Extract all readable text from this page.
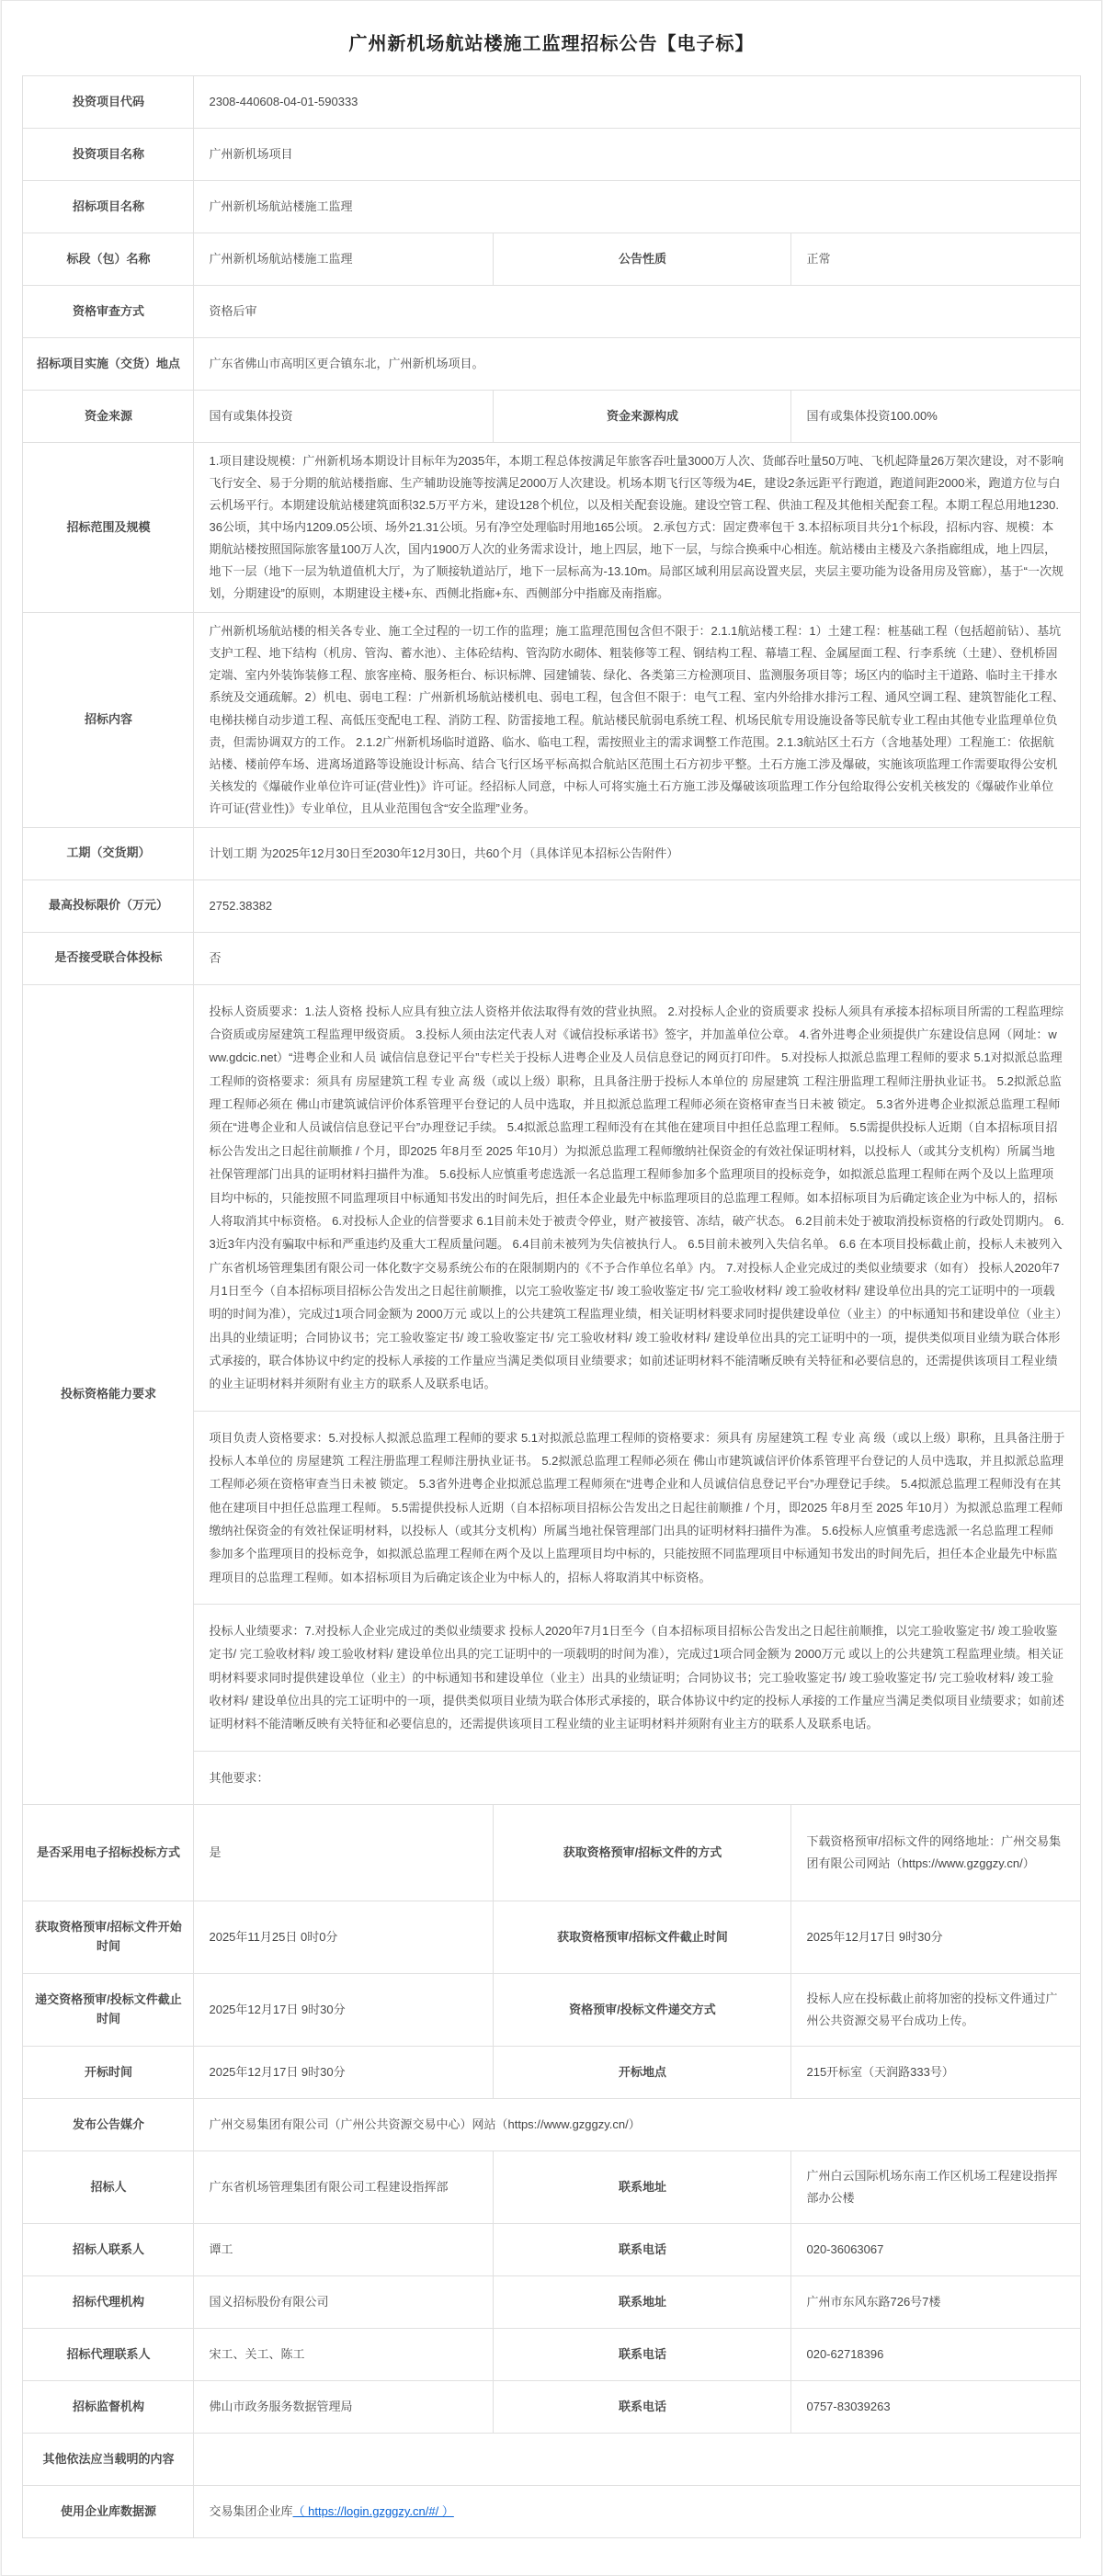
广州新机场航站楼施工监理招标公告【电子标】
投资项目代码	2308-440608-04-01-590333		
投资项目名称	广州新机场项目		
招标项目名称	广州新机场航站楼施工监理		
标段（包）名称	广州新机场航站楼施工监理	公告性质	正常
资格审查方式	资格后审		
招标项目实施（交货）地点	广东省佛山市高明区更合镇东北，广州新机场项目。		
资金来源	国有或集体投资	资金来源构成	国有或集体投资100.00%
招标范围及规模	1.项目建设规模：广州新机场本期设计目标年为2035年，本期工程总体按满足年旅客吞吐量3000万人次、货邮吞吐量50万吨、飞机起降量26万架次建设，对不影响飞行安全、易于分期的航站楼指廊、生产辅助设施等按满足2000万人次建设。机场本期飞行区等级为4E，建设2条远距平行跑道，跑道间距2000米，跑道方位与白云机场平行。本期建设航站楼建筑面积32.5万平方米，建设128个机位，以及相关配套设施。建设空管工程、供油工程及其他相关配套工程。本期工程总用地1230.36公顷，其中场内1209.05公顷、场外21.31公顷。另有净空处理临时用地165公顷。 2.承包方式：固定费率包干 3.本招标项目共分1个标段，招标内容、规模：本期航站楼按照国际旅客量100万人次，国内1900万人次的业务需求设计，地上四层，地下一层，与综合换乘中心相连。航站楼由主楼及六条指廊组成，地上四层，地下一层（地下一层为轨道值机大厅，为了顺接轨道站厅，地下一层标高为-13.10m。局部区域利用层高设置夹层，夹层主要功能为设备用房及管廊），基于“一次规划，分期建设”的原则，本期建设主楼+东、西侧北指廊+东、西侧部分中指廊及南指廊。		
招标内容	广州新机场航站楼的相关各专业、施工全过程的一切工作的监理；施工监理范围包含但不限于：2.1.1航站楼工程：1）土建工程：桩基础工程（包括超前钻）、基坑支护工程、地下结构（机房、管沟、蓄水池）、主体砼结构、管沟防水砌体、粗装修等工程、钢结构工程、幕墙工程、金属屋面工程、行李系统（土建）、登机桥固定端、室内外装饰装修工程、旅客座椅、服务柜台、标识标牌、园建铺装、绿化、各类第三方检测项目、监测服务项目等；场区内的临时主干道路、临时主干排水系统及交通疏解。2）机电、弱电工程：广州新机场航站楼机电、弱电工程，包含但不限于：电气工程、室内外给排水排污工程、通风空调工程、建筑智能化工程、电梯扶梯自动步道工程、高低压变配电工程、消防工程、防雷接地工程。航站楼民航弱电系统工程、机场民航专用设施设备等民航专业工程由其他专业监理单位负责，但需协调双方的工作。 2.1.2广州新机场临时道路、临水、临电工程，需按照业主的需求调整工作范围。2.1.3航站区土石方（含地基处理）工程施工：依据航站楼、楼前停车场、进离场道路等设施设计标高、结合飞行区场平标高拟合航站区范围土石方初步平整。土石方施工涉及爆破，实施该项监理工作需要取得公安机关核发的《爆破作业单位许可证(营业性)》许可证。经招标人同意，中标人可将实施土石方施工涉及爆破该项监理工作分包给取得公安机关核发的《爆破作业单位许可证(营业性)》专业单位，且从业范围包含“安全监理”业务。		
工期（交货期）	计划工期 为2025年12月30日至2030年12月30日，共60个月（具体详见本招标公告附件）		
最高投标限价（万元）	2752.38382		
是否接受联合体投标	否		
投标资格能力要求	投标人资质要求：1.法人资格 投标人应具有独立法人资格并依法取得有效的营业执照。 2.对投标人企业的资质要求 投标人须具有承接本招标项目所需的工程监理综合资质或房屋建筑工程监理甲级资质。 3.投标人须由法定代表人对《诚信投标承诺书》签字，并加盖单位公章。 4.省外进粤企业须提供广东建设信息网（网址：www.gdcic.net）“进粤企业和人员 诚信信息登记平台”专栏关于投标人进粤企业及人员信息登记的网页打印件。 5.对投标人拟派总监理工程师的要求 5.1对拟派总监理工程师的资格要求：须具有 房屋建筑工程 专业 高 级（或以上级）职称，且具备注册于投标人本单位的 房屋建筑 工程注册监理工程师注册执业证书。 5.2拟派总监理工程师必须在 佛山市建筑诚信评价体系管理平台登记的人员中选取，并且拟派总监理工程师必须在资格审查当日未被 锁定。 5.3省外进粤企业拟派总监理工程师须在“进粤企业和人员诚信信息登记平台”办理登记手续。 5.4拟派总监理工程师没有在其他在建项目中担任总监理工程师。 5.5需提供投标人近期（自本招标项目招标公告发出之日起往前顺推 / 个月，即2025 年8月至 2025 年10月）为拟派总监理工程师缴纳社保资金的有效社保证明材料，以投标人（或其分支机构）所属当地社保管理部门出具的证明材料扫描件为准。 5.6投标人应慎重考虑选派一名总监理工程师参加多个监理项目的投标竞争，如拟派总监理工程师在两个及以上监理项目均中标的，只能按照不同监理项目中标通知书发出的时间先后，担任本企业最先中标监理项目的总监理工程师。如本招标项目为后确定该企业为中标人的，招标人将取消其中标资格。 6.对投标人企业的信誉要求 6.1目前未处于被责令停业，财产被接管、冻结，破产状态。 6.2目前未处于被取消投标资格的行政处罚期内。 6.3近3年内没有骗取中标和严重违约及重大工程质量问题。 6.4目前未被列为失信被执行人。 6.5目前未被列入失信名单。 6.6 在本项目投标截止前，投标人未被列入广东省机场管理集团有限公司一体化数字交易系统公布的在限制期内的《不予合作单位名单》内。 7.对投标人企业完成过的类似业绩要求（如有） 投标人2020年7月1日至今（自本招标项目招标公告发出之日起往前顺推，以完工验收鉴定书/ 竣工验收鉴定书/ 完工验收材料/ 竣工验收材料/ 建设单位出具的完工证明中的一项载明的时间为准），完成过1项合同金额为 2000万元 或以上的公共建筑工程监理业绩，相关证明材料要求同时提供建设单位（业主）的中标通知书和建设单位（业主）出具的业绩证明；合同协议书；完工验收鉴定书/ 竣工验收鉴定书/ 完工验收材料/ 竣工验收材料/ 建设单位出具的完工证明中的一项，提供类似项目业绩为联合体形式承接的，联合体协议中约定的投标人承接的工作量应当满足类似项目业绩要求；如前述证明材料不能清晰反映有关特征和必要信息的，还需提供该项目工程业绩的业主证明材料并须附有业主方的联系人及联系电话。
项目负责人资格要求：5.对投标人拟派总监理工程师的要求 5.1对拟派总监理工程师的资格要求：须具有 房屋建筑工程 专业 高 级（或以上级）职称，且具备注册于投标人本单位的 房屋建筑 工程注册监理工程师注册执业证书。 5.2拟派总监理工程师必须在 佛山市建筑诚信评价体系管理平台登记的人员中选取，并且拟派总监理工程师必须在资格审查当日未被 锁定。 5.3省外进粤企业拟派总监理工程师须在“进粤企业和人员诚信信息登记平台”办理登记手续。 5.4拟派总监理工程师没有在其他在建项目中担任总监理工程师。 5.5需提供投标人近期（自本招标项目招标公告发出之日起往前顺推 / 个月，即2025 年8月至 2025 年10月）为拟派总监理工程师缴纳社保资金的有效社保证明材料，以投标人（或其分支机构）所属当地社保管理部门出具的证明材料扫描件为准。 5.6投标人应慎重考虑选派一名总监理工程师参加多个监理项目的投标竞争，如拟派总监理工程师在两个及以上监理项目均中标的，只能按照不同监理项目中标通知书发出的时间先后，担任本企业最先中标监理项目的总监理工程师。如本招标项目为后确定该企业为中标人的，招标人将取消其中标资格。
投标人业绩要求：7.对投标人企业完成过的类似业绩要求 投标人2020年7月1日至今（自本招标项目招标公告发出之日起往前顺推，以完工验收鉴定书/ 竣工验收鉴定书/ 完工验收材料/ 竣工验收材料/ 建设单位出具的完工证明中的一项载明的时间为准），完成过1项合同金额为 2000万元 或以上的公共建筑工程监理业绩。相关证明材料要求同时提供建设单位（业主）的中标通知书和建设单位（业主）出具的业绩证明；合同协议书；完工验收鉴定书/ 竣工验收鉴定书/ 完工验收材料/ 竣工验收材料/ 建设单位出具的完工证明中的一项，提供类似项目业绩为联合体形式承接的，联合体协议中约定的投标人承接的工作量应当满足类似项目业绩要求；如前述证明材料不能清晰反映有关特征和必要信息的，还需提供该项目工程业绩的业主证明材料并须附有业主方的联系人及联系电话。
其他要求：		

是否采用电子招标投标方式	是	获取资格预审/招标文件的方式	下载资格预审/招标文件的网络地址：广州交易集团有限公司网站（https://www.gzggzy.cn/）
获取资格预审/招标文件开始时间	2025年11月25日 0时0分	获取资格预审/招标文件截止时间	2025年12月17日 9时30分
递交资格预审/投标文件截止时间	2025年12月17日 9时30分	资格预审/投标文件递交方式	投标人应在投标截止前将加密的投标文件通过广州公共资源交易平台成功上传。
开标时间	2025年12月17日 9时30分	开标地点	215开标室（天润路333号）
发布公告媒介	广州交易集团有限公司（广州公共资源交易中心）网站（https://www.gzggzy.cn/）		
招标人	广东省机场管理集团有限公司工程建设指挥部	联系地址	广州白云国际机场东南工作区机场工程建设指挥部办公楼
招标人联系人	谭工	联系电话	020-36063067
招标代理机构	国义招标股份有限公司	联系地址	广州市东风东路726号7楼
招标代理联系人	宋工、关工、陈工	联系电话	020-62718396
招标监督机构	佛山市政务服务数据管理局	联系电话	0757-83039263
其他依法应当载明的内容			
使用企业库数据源	交易集团企业库（ https://login.gzggzy.cn/#/ ）		
